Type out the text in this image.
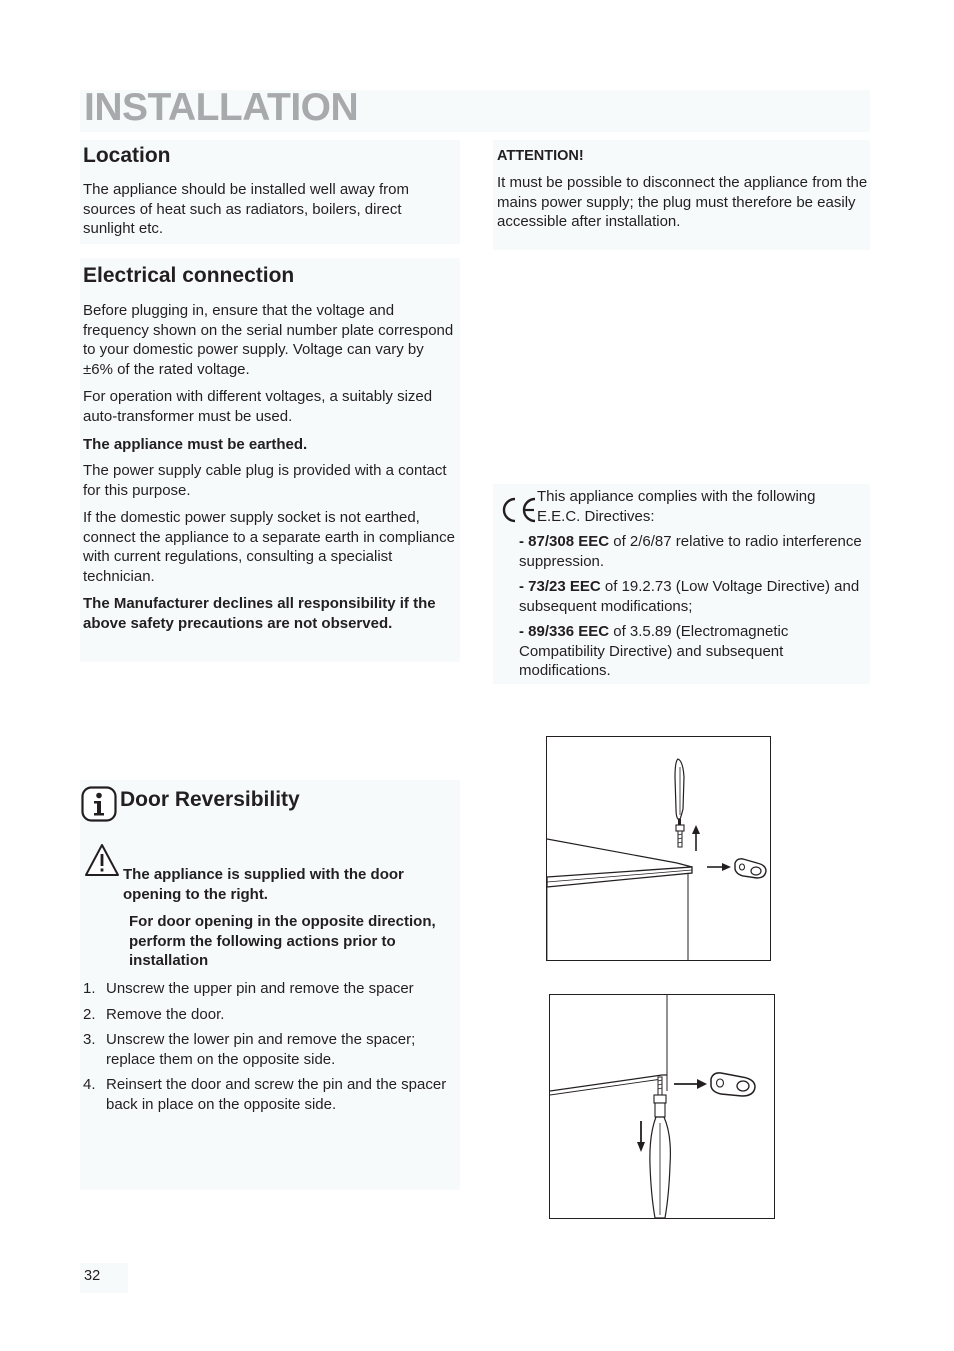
INSTALLATION
Location

The appliance should be installed well away from sources of heat such as radiators, boilers, direct sunlight etc.

ATTENTION!

It must be possible to disconnect the appliance from the mains power supply; the plug must therefore be easily accessible after installation.

Electrical connection

Before plugging in, ensure that the voltage and frequency shown on the serial number plate correspond to your domestic power supply. Voltage can vary by ±6% of the rated voltage.

For operation with different voltages, a suitably sized auto-transformer must be used.

The appliance must be earthed.

The power supply cable plug is provided with a contact for this purpose.

If the domestic power supply socket is not earthed, connect the appliance to a separate earth in compliance with current regulations, consulting a specialist technician.

The Manufacturer declines all responsibility if the above safety precautions are not observed.

This appliance complies with the following E.E.C. Directives:

- 87/308 EEC of 2/6/87 relative to radio interference suppression.
- 73/23 EEC of 19.2.73 (Low Voltage Directive) and subsequent modifications;
- 89/336 EEC of 3.5.89 (Electromagnetic Compatibility Directive) and subsequent modifications.
Door Reversibility

The appliance is supplied with the door opening to the right.

For door opening in the opposite direction, perform the following actions prior to installation

1. Unscrew the upper pin and remove the spacer
2. Remove the door.
3. Unscrew the lower pin and remove the spacer; replace them on the opposite side.
4. Reinsert the door and screw the pin and the spacer back in place on the opposite side.

32
